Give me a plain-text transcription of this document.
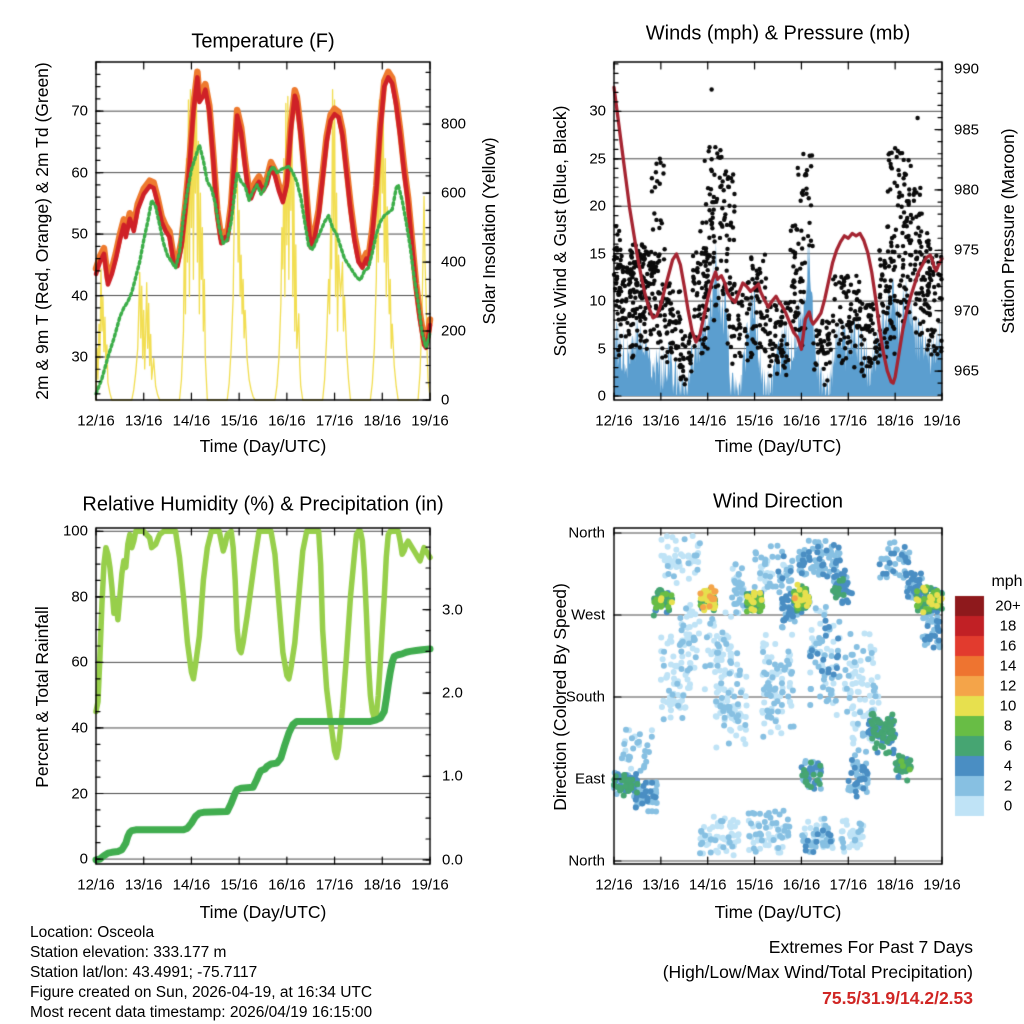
Temperature (F)	Winds (mph) & Pressure (mb)
Relative Humidity (%) & Precipitation (in)	Wind Direction
2m & 9m T (Red, Orange) & 2m Td (Green)	Solar Insolation (Yellow)	Sonic Wind & Gust (Blue, Black)	Station Pressure (Maroon)
Percent & Total Rainfall	Direction (Colored By Speed)
Time (Day/UTC)	Time (Day/UTC)
Time (Day/UTC)	Time (Day/UTC)
mph
Location: Osceola
Station elevation: 333.177 m
Station lat/lon: 43.4991; -75.7117
Figure created on Sun, 2026-04-19, at 16:34 UTC
Most recent data timestamp: 2026/04/19 16:15:00
Extremes For Past 7 Days
(High/Low/Max Wind/Total Precipitation)
75.5/31.9/14.2/2.53
12/16 13/16 14/16 15/16 16/16 17/16 18/16 19/16
30
40
50
60
70
0
200
400
600
800
12/16 13/16 14/16 15/16 16/16 17/16 18/16 19/16
0
5
10
15
20
25
30
965
970
975
980
985
990
12/16 13/16 14/16 15/16 16/16 17/16 18/16 19/16
0
20
40
60
80
100
0.0
1.0
2.0
3.0
12/16 13/16 14/16 15/16 16/16 17/16 18/16 19/16
North
West
South
East
North
20+
18
16
14
12
10
8
6
4
2
0
